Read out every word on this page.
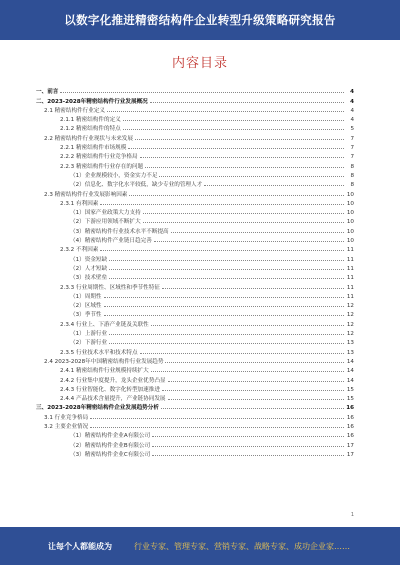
以数字化推进精密结构件企业转型升级策略研究报告
内容目录
一、前言	4
二、2023-2028年精密结构件行业发展概况	4
2.1 精密结构件行业定义	4
2.1.1 精密结构件的定义	4
2.1.2 精密结构件的特点	5
2.2 精密结构件行业现状与未来发展	7
2.2.1 精密结构件市场规模	7
2.2.2 精密结构件行业竞争格局	7
2.2.3 精密结构件行业存在的问题	8
（1）企业规模较小，资金实力不足	8
（2）信息化、数字化水平较低，缺少专业的管理人才	8
2.3 精密结构件行业发展影响因素	10
2.3.1 有利因素	10
（1）国家产业政策大力支持	10
（2）下游应用领域不断扩大	10
（3）精密结构件行业技术水平不断提高	10
（4）精密结构件产业链日趋完善	10
2.3.2 不利因素	11
（1）资金短缺	11
（2）人才短缺	11
（3）技术壁垒	11
2.3.3 行业周期性、区域性和季节性特征	11
（1）周期性	11
（2）区域性	12
（3）季节性	12
2.3.4 行业上、下游产业链及关联性	12
（1）上游行业	12
（2）下游行业	13
2.3.5 行业技术水平和技术特点	13
2.4 2023-2028年中国精密结构件行业发展趋势	14
2.4.1 精密结构件行业规模持续扩大	14
2.4.2 行业集中度提升，龙头企业优势凸显	14
2.4.3 行业智能化、数字化转型加速推进	15
2.4.4 产品技术含量提升，产业链协同发展	15
三、2023-2028年精密结构件企业发展趋势分析	16
3.1 行业竞争格局	16
3.2 主要企业情况	16
（1）精密结构件企业A有限公司	16
（2）精密结构件企业B有限公司	17
（3）精密结构件企业C有限公司	17
1
让每个人都能成为	行业专家、管理专家、营销专家、战略专家、成功企业家……
